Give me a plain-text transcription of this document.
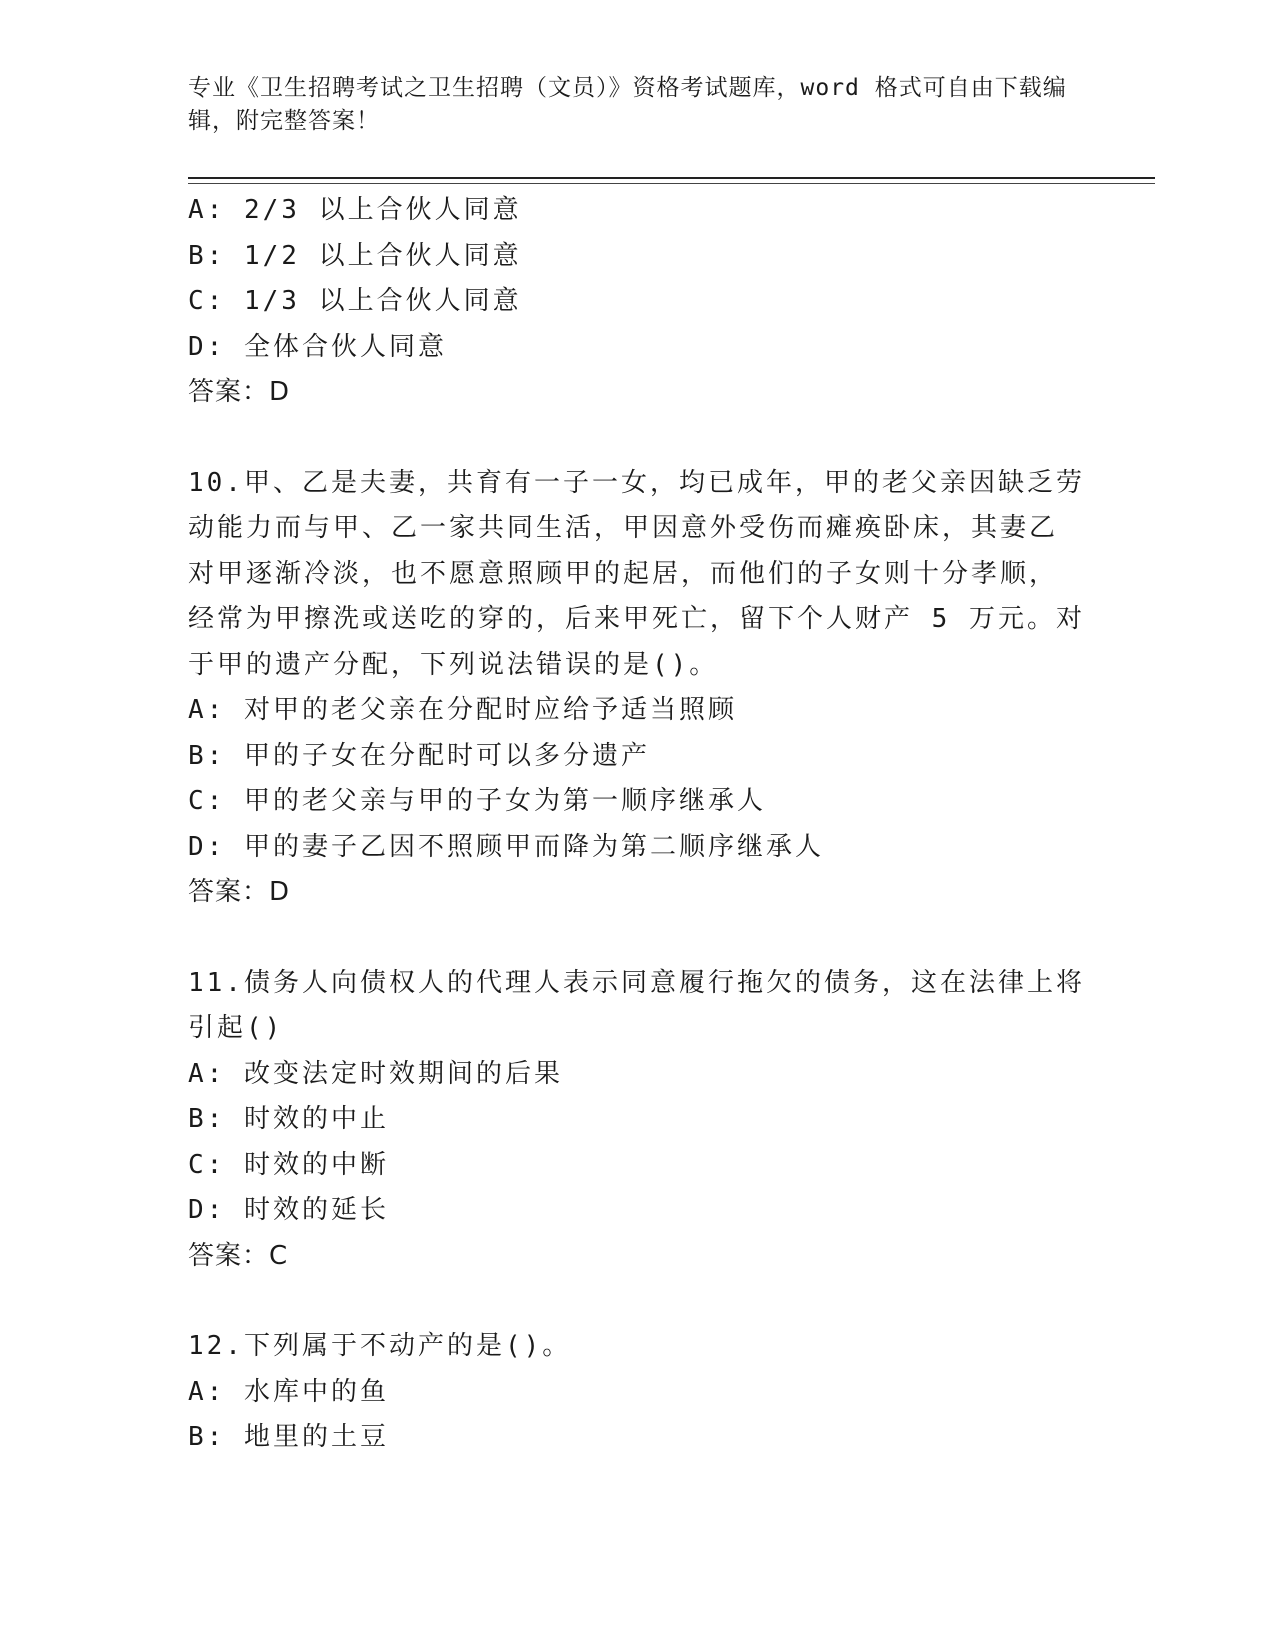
专业《卫生招聘考试之卫生招聘（文员）》资格考试题库，word 格式可自由下载编辑，附完整答案！
A: 2/3 以上合伙人同意
B: 1/2 以上合伙人同意
C: 1/3 以上合伙人同意
D: 全体合伙人同意
答案：D
10.甲、乙是夫妻，共育有一子一女，均已成年，甲的老父亲因缺乏劳
动能力而与甲、乙一家共同生活，甲因意外受伤而瘫痪卧床，其妻乙
对甲逐渐冷淡，也不愿意照顾甲的起居，而他们的子女则十分孝顺，
经常为甲擦洗或送吃的穿的，后来甲死亡，留下个人财产 5 万元。对
于甲的遗产分配，下列说法错误的是()。
A: 对甲的老父亲在分配时应给予适当照顾
B: 甲的子女在分配时可以多分遗产
C: 甲的老父亲与甲的子女为第一顺序继承人
D: 甲的妻子乙因不照顾甲而降为第二顺序继承人
答案：D
11.债务人向债权人的代理人表示同意履行拖欠的债务，这在法律上将
引起()
A: 改变法定时效期间的后果
B: 时效的中止
C: 时效的中断
D: 时效的延长
答案：C
12.下列属于不动产的是()。
A: 水库中的鱼
B: 地里的土豆
